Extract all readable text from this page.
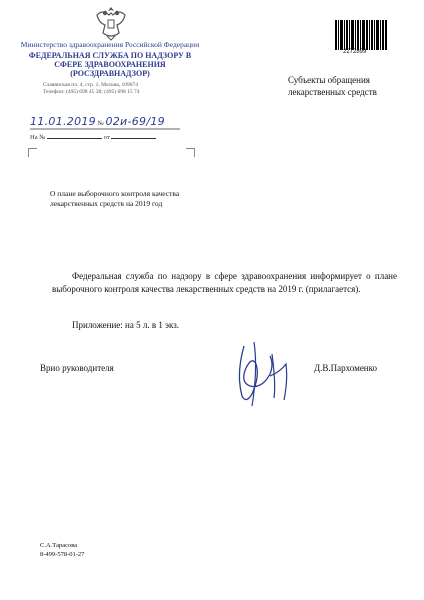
Министерство здравоохранения Российской Федерации
ФЕДЕРАЛЬНАЯ СЛУЖБА ПО НАДЗОРУ В СФЕРЕ ЗДРАВООХРАНЕНИЯ (РОСЗДРАВНАДЗОР)
Славянская пл. 4, стр. 1, Москва, 109074
Телефон: (495) 698 45 38; (495) 698 15 74
11.01.2019 № 02и-69/19
На №	от
2272899
Субъекты обращения лекарственных средств
О плане выборочного контроля качества лекарственных средств на 2019 год
Федеральная служба по надзору в сфере здравоохранения информирует о плане выборочного контроля качества лекарственных средств на 2019 г. (прилагается).
Приложение: на 5 л. в 1 экз.
Врио руководителя	Д.В.Пархоменко
С.А.Тарасова
8-499-578-01-27
